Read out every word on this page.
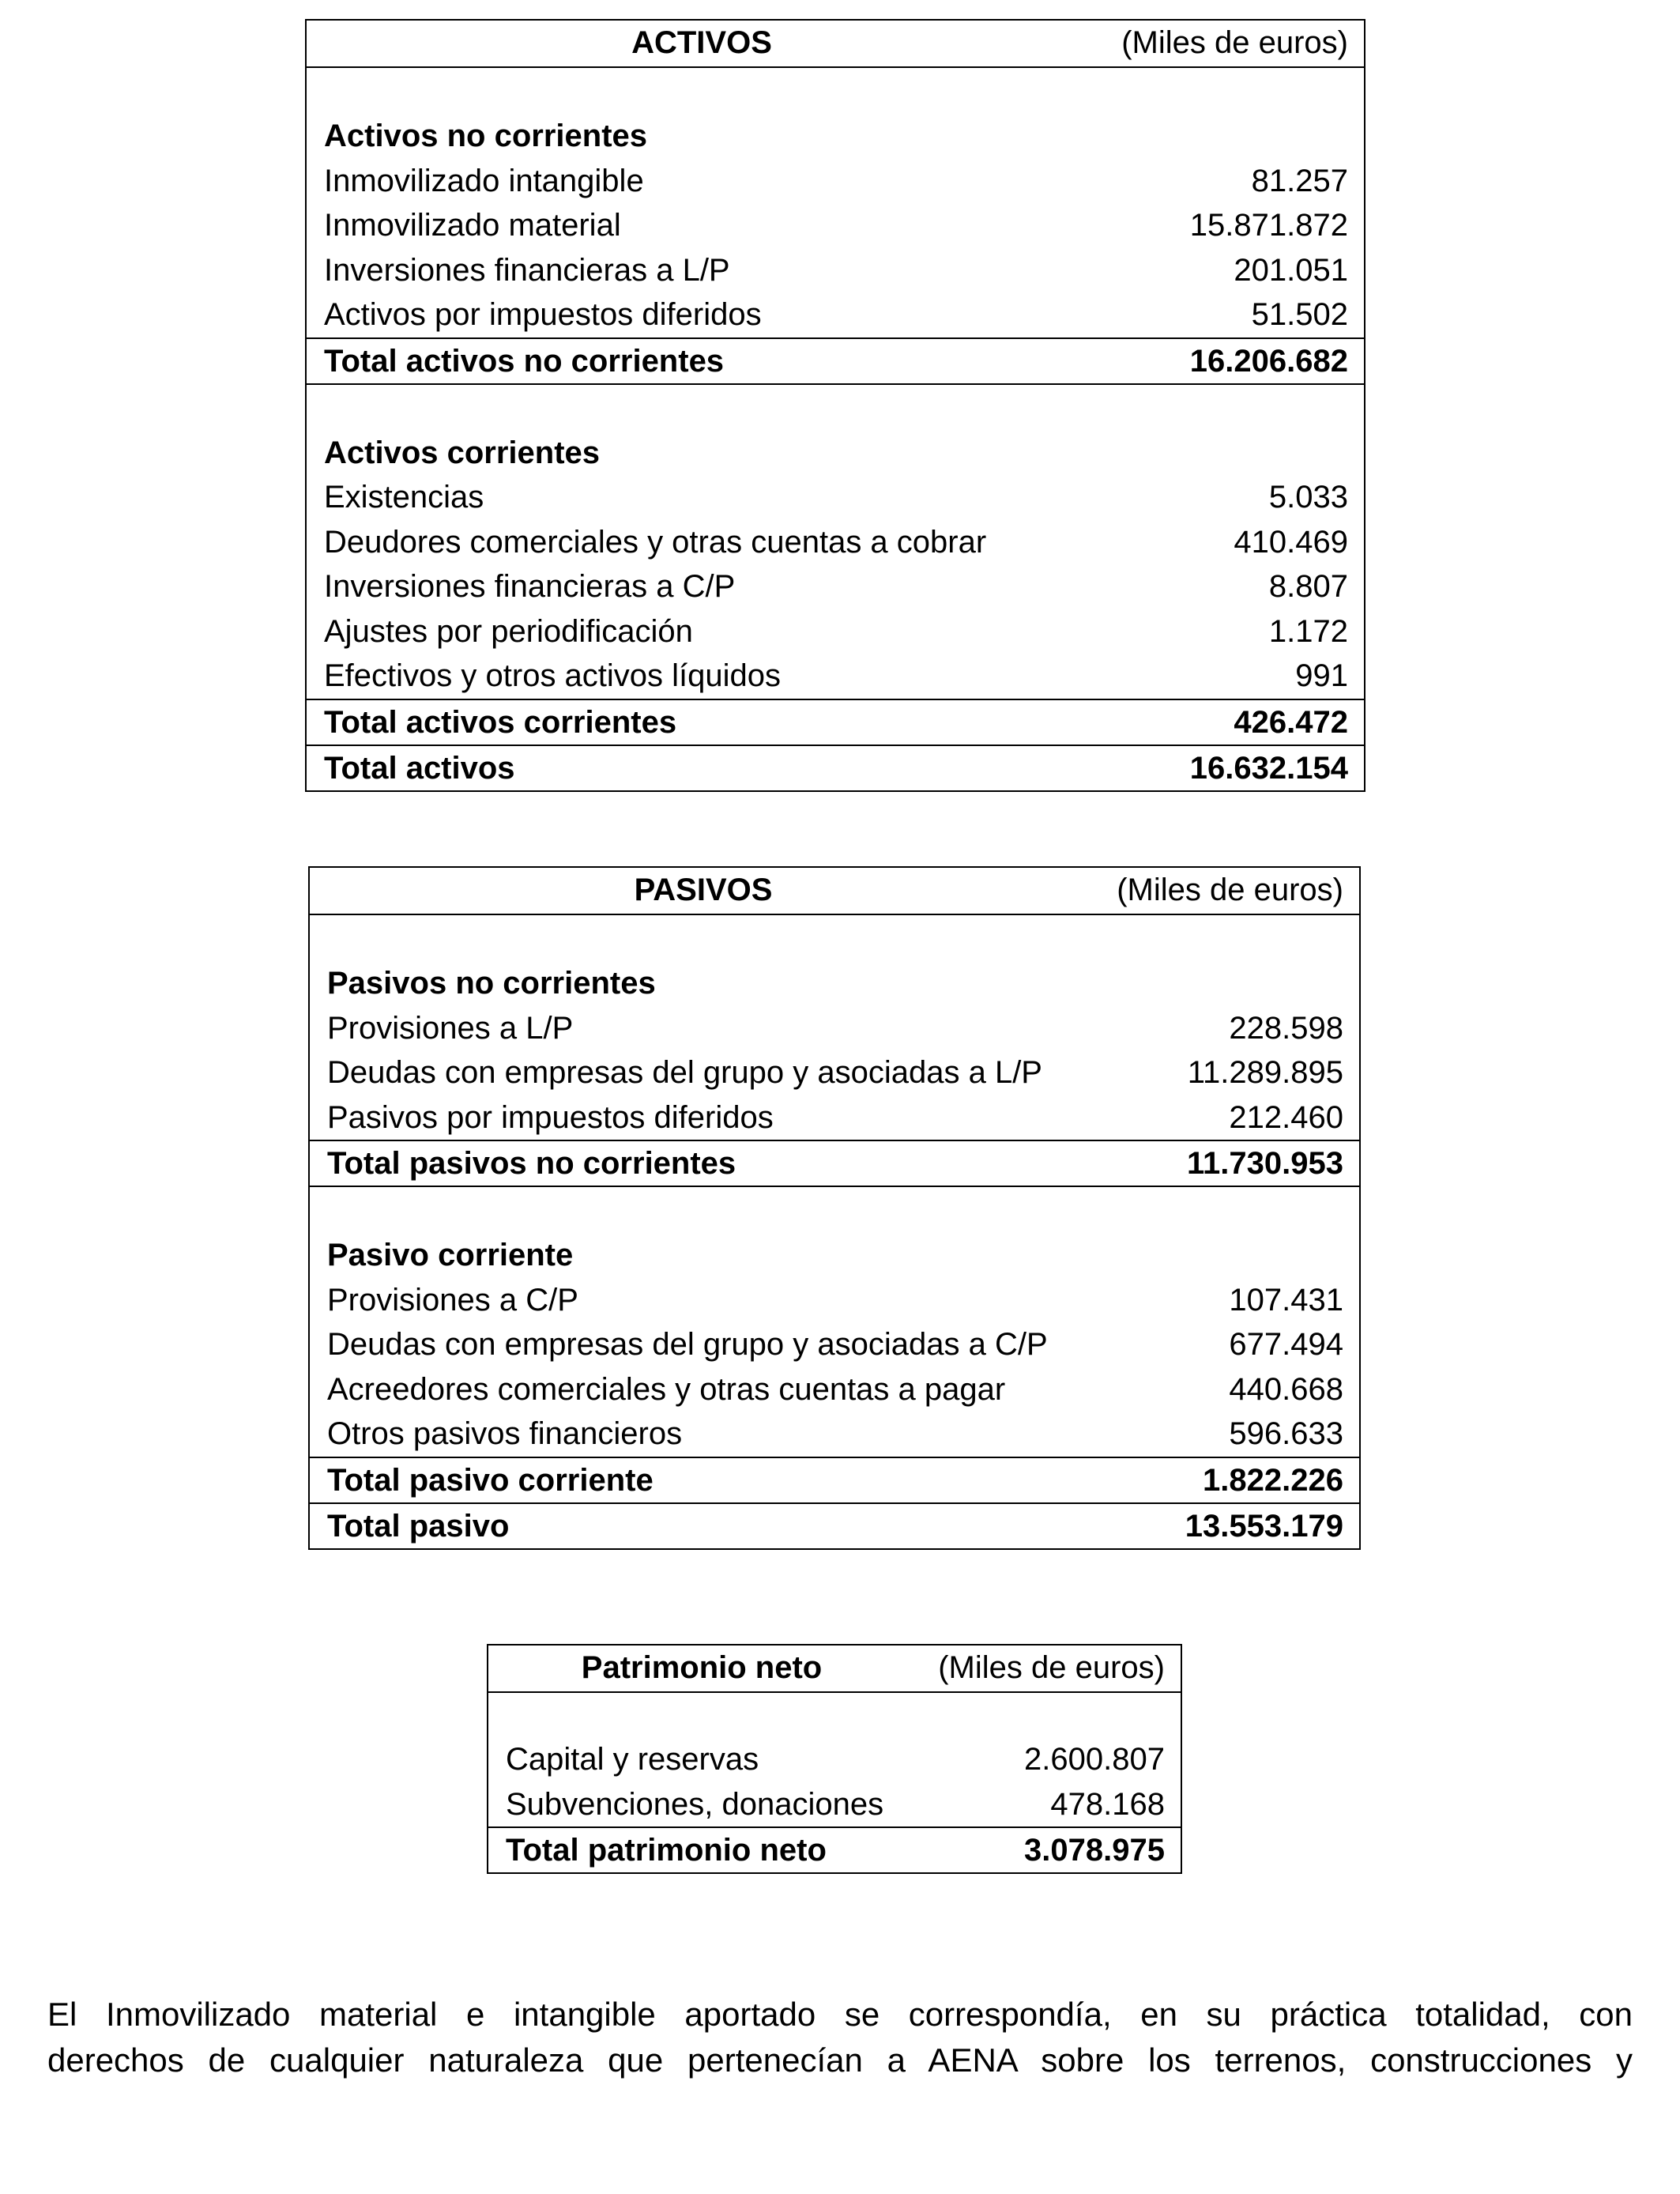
ACTIVOS	(Miles de euros)
Activos no corrientes
Inmovilizado intangible	81.257
Inmovilizado material	15.871.872
Inversiones financieras a L/P	201.051
Activos por impuestos diferidos	51.502
Total activos no corrientes	16.206.682
Activos corrientes
Existencias	5.033
Deudores comerciales y otras cuentas a cobrar	410.469
Inversiones financieras a C/P	8.807
Ajustes por periodificación	1.172
Efectivos y otros activos líquidos	991
Total activos corrientes	426.472
Total activos	16.632.154
PASIVOS	(Miles de euros)
Pasivos no corrientes
Provisiones a L/P	228.598
Deudas con empresas del grupo y asociadas a L/P	11.289.895
Pasivos por impuestos diferidos	212.460
Total pasivos no corrientes	11.730.953
Pasivo corriente
Provisiones a C/P	107.431
Deudas con empresas del grupo y asociadas a C/P	677.494
Acreedores comerciales y otras cuentas a pagar	440.668
Otros pasivos financieros	596.633
Total pasivo corriente	1.822.226
Total pasivo	13.553.179
Patrimonio neto	(Miles de euros)
Capital y reservas	2.600.807
Subvenciones, donaciones	478.168
Total patrimonio neto	3.078.975

El Inmovilizado material e intangible aportado se correspondía, en su práctica totalidad, con

derechos de cualquier naturaleza que pertenecían a AENA sobre los terrenos, construcciones y
